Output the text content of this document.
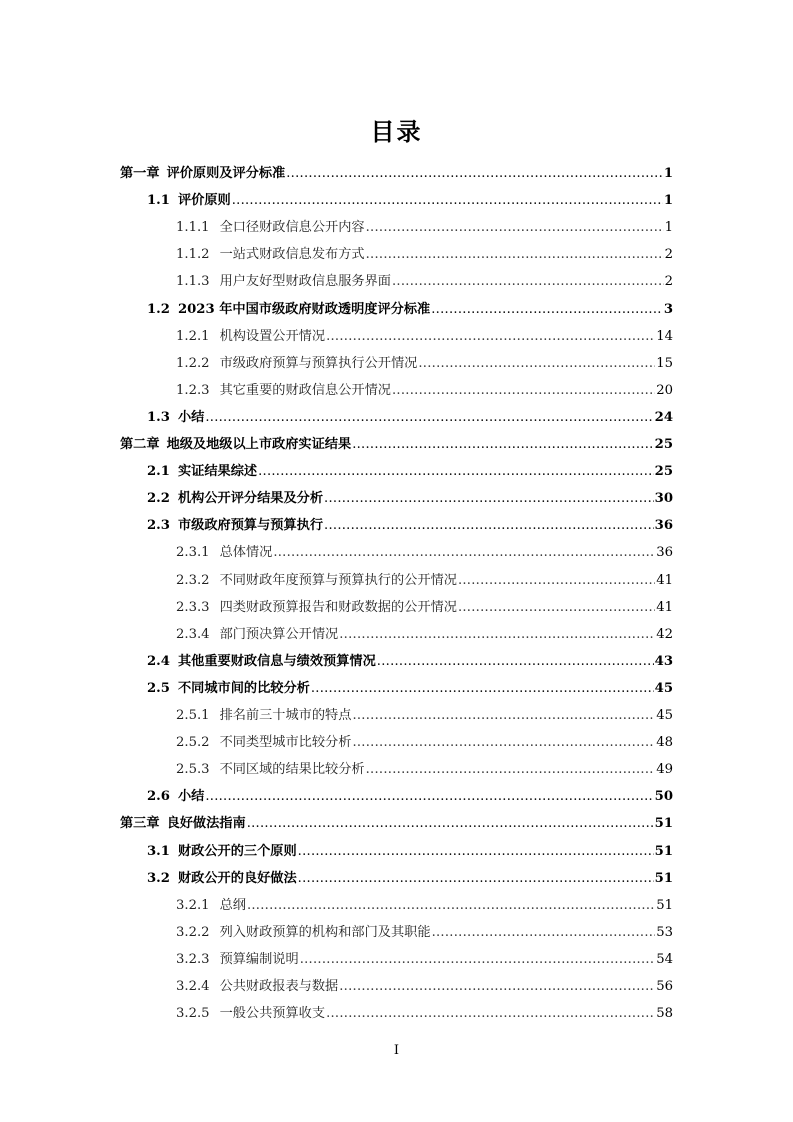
目录
第一章 评价原则及评分标准 .....	1
1.1 评价原则 .....	1
1.1.1 全口径财政信息公开内容 .....	1
1.1.2 一站式财政信息发布方式 .....	2
1.1.3 用户友好型财政信息服务界面 .....	2
1.2 2023 年中国市级政府财政透明度评分标准 .....	3
1.2.1 机构设置公开情况 .....	14
1.2.2 市级政府预算与预算执行公开情况 .....	15
1.2.3 其它重要的财政信息公开情况 .....	20
1.3 小结 .....	24
第二章 地级及地级以上市政府实证结果 .....	25
2.1 实证结果综述 .....	25
2.2 机构公开评分结果及分析 .....	30
2.3 市级政府预算与预算执行 .....	36
2.3.1 总体情况 .....	36
2.3.2 不同财政年度预算与预算执行的公开情况 .....	41
2.3.3 四类财政预算报告和财政数据的公开情况 .....	41
2.3.4 部门预决算公开情况 .....	42
2.4 其他重要财政信息与绩效预算情况 .....	43
2.5 不同城市间的比较分析 .....	45
2.5.1 排名前三十城市的特点 .....	45
2.5.2 不同类型城市比较分析 .....	48
2.5.3 不同区域的结果比较分析 .....	49
2.6 小结 .....	50
第三章 良好做法指南 .....	51
3.1 财政公开的三个原则 .....	51
3.2 财政公开的良好做法 .....	51
3.2.1 总纲 .....	51
3.2.2 列入财政预算的机构和部门及其职能 .....	53
3.2.3 预算编制说明 .....	54
3.2.4 公共财政报表与数据 .....	56
3.2.5 一般公共预算收支 .....	58
I
